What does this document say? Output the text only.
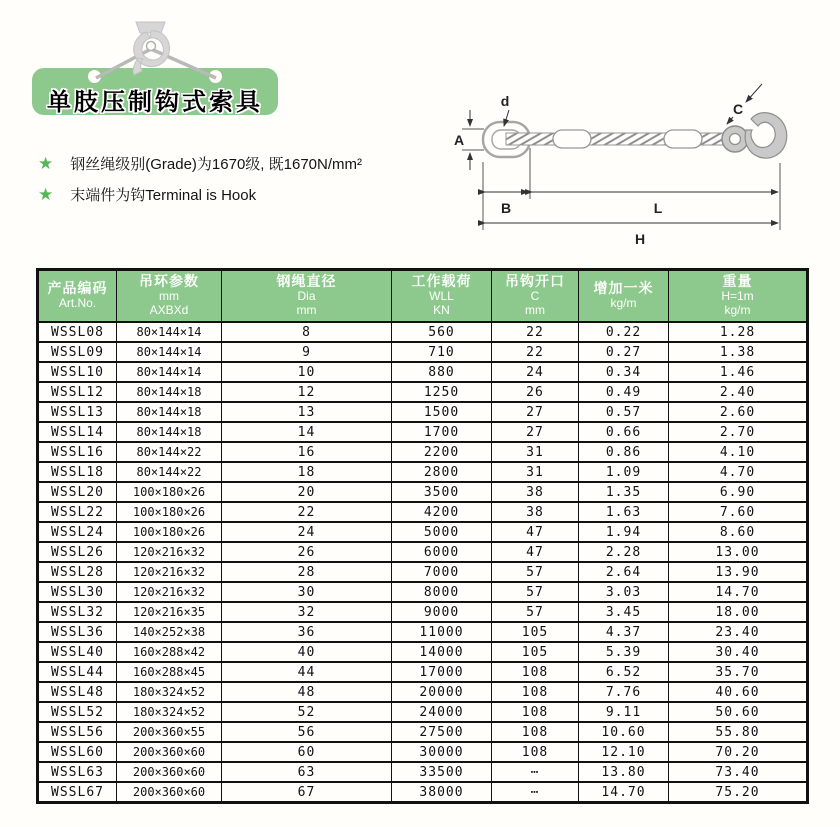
单肢压制钩式索具
★ 钢丝绳级别(Grade)为1670级, 既1670N/mm²
★ 末端件为钩Terminal is Hook
d
A
C
B	L
H
产品编码
Art.No.

吊环参数
mm
AXBXd

钢绳直径
Dia
mm

工作载荷
WLL
KN

吊钩开口
C
mm

增加一米
kg/m

重量
H=1m
kg/m

WSSL08	80×144×14	8	560	22	0.22	1.28
WSSL09	80×144×14	9	710	22	0.27	1.38
WSSL10	80×144×14	10	880	24	0.34	1.46
WSSL12	80×144×18	12	1250	26	0.49	2.40
WSSL13	80×144×18	13	1500	27	0.57	2.60
WSSL14	80×144×18	14	1700	27	0.66	2.70
WSSL16	80×144×22	16	2200	31	0.86	4.10
WSSL18	80×144×22	18	2800	31	1.09	4.70
WSSL20	100×180×26	20	3500	38	1.35	6.90
WSSL22	100×180×26	22	4200	38	1.63	7.60
WSSL24	100×180×26	24	5000	47	1.94	8.60
WSSL26	120×216×32	26	6000	47	2.28	13.00
WSSL28	120×216×32	28	7000	57	2.64	13.90
WSSL30	120×216×32	30	8000	57	3.03	14.70
WSSL32	120×216×35	32	9000	57	3.45	18.00
WSSL36	140×252×38	36	11000	105	4.37	23.40
WSSL40	160×288×42	40	14000	105	5.39	30.40
WSSL44	160×288×45	44	17000	108	6.52	35.70
WSSL48	180×324×52	48	20000	108	7.76	40.60
WSSL52	180×324×52	52	24000	108	9.11	50.60
WSSL56	200×360×55	56	27500	108	10.60	55.80
WSSL60	200×360×60	60	30000	108	12.10	70.20
WSSL63	200×360×60	63	33500	⋯	13.80	73.40
WSSL67	200×360×60	67	38000	⋯	14.70	75.20
